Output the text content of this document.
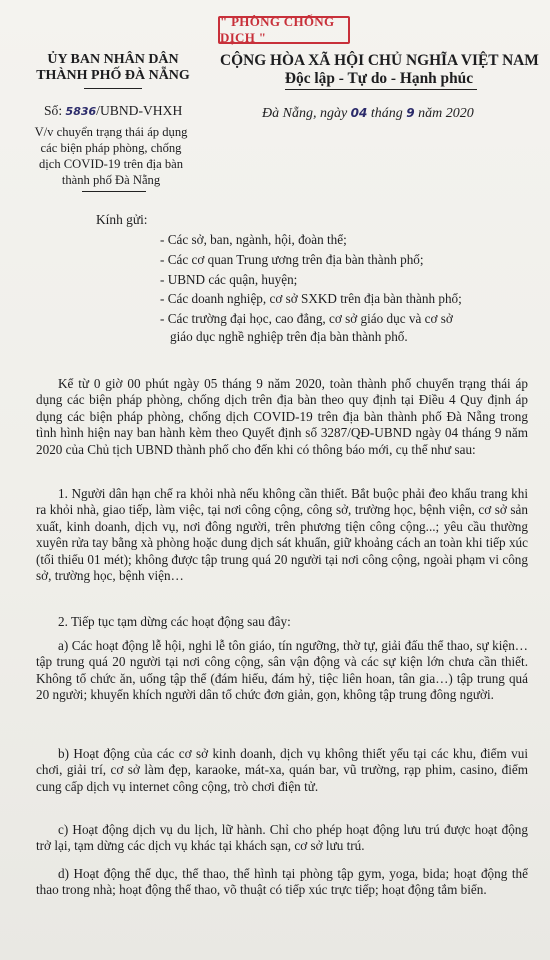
" PHÒNG CHỐNG DỊCH "
ỦY BAN NHÂN DÂN
THÀNH PHỐ ĐÀ NẴNG
CỘNG HÒA XÃ HỘI CHỦ NGHĨA VIỆT NAM
Độc lập - Tự do - Hạnh phúc
Số: 5836/UBND-VHXH	Đà Nẵng, ngày 04 tháng 9 năm 2020
V/v chuyển trạng thái áp dụng
các biện pháp phòng, chống
dịch COVID-19 trên địa bàn
thành phố Đà Nẵng
Kính gửi:
- Các sở, ban, ngành, hội, đoàn thể;
- Các cơ quan Trung ương trên địa bàn thành phố;
- UBND các quận, huyện;
- Các doanh nghiệp, cơ sở SXKD trên địa bàn thành phố;
- Các trường đại học, cao đẳng, cơ sở giáo dục và cơ sở
giáo dục nghề nghiệp trên địa bàn thành phố.

Kể từ 0 giờ 00 phút ngày 05 tháng 9 năm 2020, toàn thành phố chuyển trạng thái áp dụng các biện pháp phòng, chống dịch trên địa bàn theo quy định tại Điều 4 Quy định áp dụng các biện pháp phòng, chống dịch COVID-19 trên địa bàn thành phố Đà Nẵng trong tình hình hiện nay ban hành kèm theo Quyết định số 3287/QĐ-UBND ngày 04 tháng 9 năm 2020 của Chủ tịch UBND thành phố cho đến khi có thông báo mới, cụ thể như sau:

1. Người dân hạn chế ra khỏi nhà nếu không cần thiết. Bắt buộc phải đeo khẩu trang khi ra khỏi nhà, giao tiếp, làm việc, tại nơi công cộng, công sở, trường học, bệnh viện, cơ sở sản xuất, kinh doanh, dịch vụ, nơi đông người, trên phương tiện công cộng...; yêu cầu thường xuyên rửa tay bằng xà phòng hoặc dung dịch sát khuẩn, giữ khoảng cách an toàn khi tiếp xúc (tối thiểu 01 mét); không được tập trung quá 20 người tại nơi công cộng, ngoài phạm vi công sở, trường học, bệnh viện…

2. Tiếp tục tạm dừng các hoạt động sau đây:

a) Các hoạt động lễ hội, nghi lễ tôn giáo, tín ngưỡng, thờ tự, giải đấu thể thao, sự kiện…tập trung quá 20 người tại nơi công cộng, sân vận động và các sự kiện lớn chưa cần thiết. Không tổ chức ăn, uống tập thể (đám hiếu, đám hỷ, tiệc liên hoan, tân gia…) tập trung quá 20 người; khuyến khích người dân tổ chức đơn giản, gọn, không tập trung đông người.

b) Hoạt động của các cơ sở kinh doanh, dịch vụ không thiết yếu tại các khu, điểm vui chơi, giải trí, cơ sở làm đẹp, karaoke, mát-xa, quán bar, vũ trường, rạp phim, casino, điểm cung cấp dịch vụ internet công cộng, trò chơi điện tử.

c) Hoạt động dịch vụ du lịch, lữ hành. Chỉ cho phép hoạt động lưu trú được hoạt động trở lại, tạm dừng các dịch vụ khác tại khách sạn, cơ sở lưu trú.

d) Hoạt động thể dục, thể thao, thể hình tại phòng tập gym, yoga, bida; hoạt động thể thao trong nhà; hoạt động thể thao, võ thuật có tiếp xúc trực tiếp; hoạt động tắm biển.
